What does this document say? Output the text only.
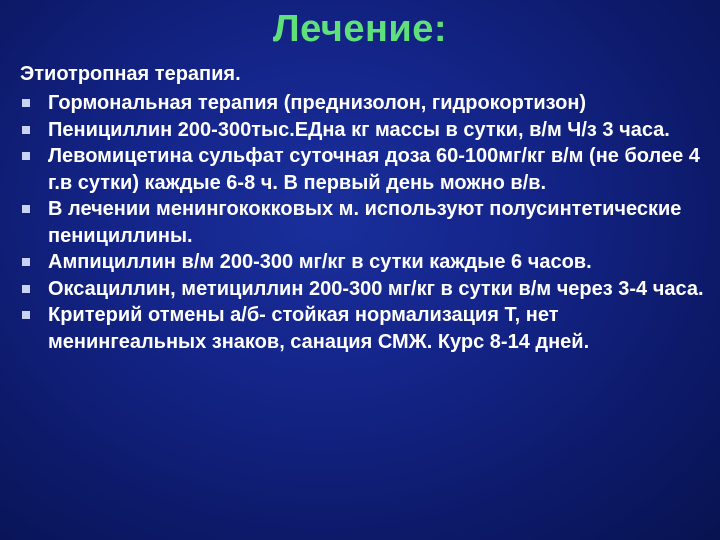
Лечение:
Этиотропная терапия.
Гормональная терапия (преднизолон, гидрокортизон)
Пенициллин 200-300тыс.ЕДна кг массы в сутки, в/м Ч/з 3 часа.
Левомицетина сульфат суточная доза 60-100мг/кг в/м (не более 4 г.в сутки) каждые 6-8 ч. В первый день можно в/в.
В лечении менингококковых м. используют полусинтетические пенициллины.
Ампициллин в/м 200-300 мг/кг в сутки каждые 6 часов.
Оксациллин, метициллин 200-300 мг/кг в сутки в/м через 3-4 часа.
Критерий отмены а/б- стойкая нормализация Т, нет менингеальных знаков, санация СМЖ. Курс 8-14 дней.
